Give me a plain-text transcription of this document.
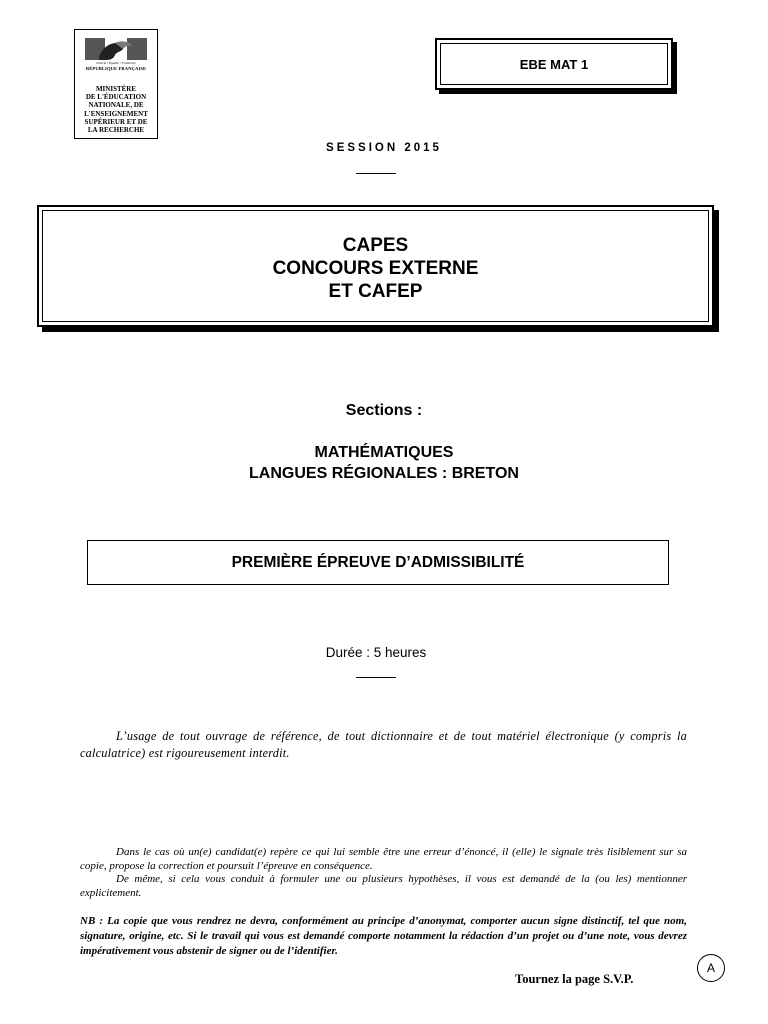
Liberté • Égalité • Fraternité
RÉPUBLIQUE FRANÇAISE
MINISTÈRE
DE L'ÉDUCATION
NATIONALE, DE
L'ENSEIGNEMENT
SUPÉRIEUR ET DE
LA RECHERCHE
EBE MAT 1
SESSION 2015
CAPES
CONCOURS EXTERNE
ET CAFEP
Sections :
MATHÉMATIQUES
LANGUES RÉGIONALES : BRETON
PREMIÈRE ÉPREUVE D’ADMISSIBILITÉ
Durée : 5 heures
L’usage de tout ouvrage de référence, de tout dictionnaire et de tout matériel électronique (y compris la calculatrice) est rigoureusement interdit.

Dans le cas où un(e) candidat(e) repère ce qui lui semble être une erreur d’énoncé, il (elle) le signale très lisiblement sur sa copie, propose la correction et poursuit l’épreuve en conséquence.

De même, si cela vous conduit à formuler une ou plusieurs hypothèses, il vous est demandé de la (ou les) mentionner explicitement.

NB : La copie que vous rendrez ne devra, conformément au principe d’anonymat, comporter aucun signe distinctif, tel que nom, signature, origine, etc. Si le travail qui vous est demandé comporte notamment la rédaction d’un projet ou d’une note, vous devrez impérativement vous abstenir de signer ou de l’identifier.
Tournez la page S.V.P.
A
